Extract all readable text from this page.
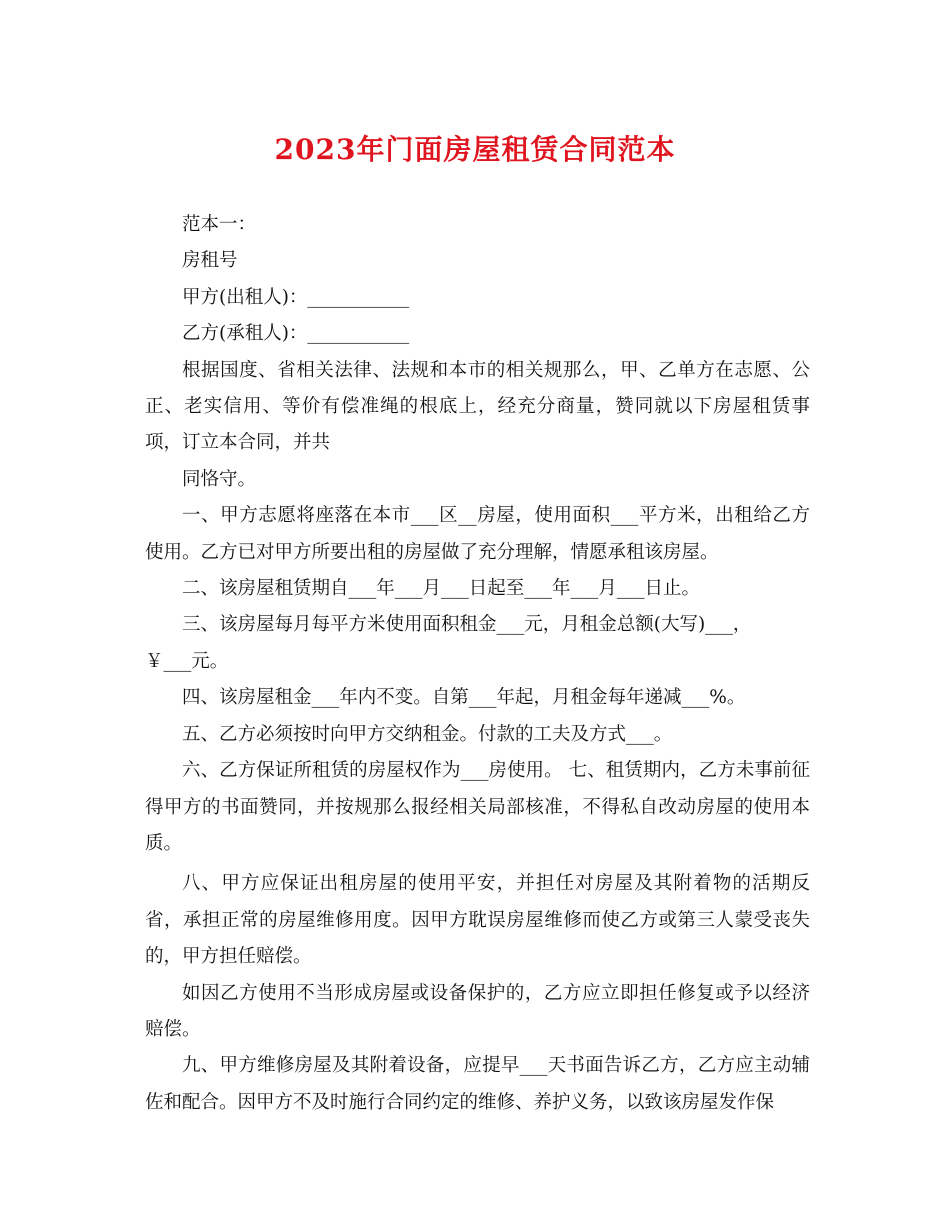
2023年门面房屋租赁合同范本

范本一：

房租号

甲方(出租人)：___________

乙方(承租人)：___________

根据国度、省相关法律、法规和本市的相关规那么，甲、乙单方在志愿、公正、老实信用、等价有偿准绳的根底上，经充分商量，赞同就以下房屋租赁事项，订立本合同，并共

同恪守。

一、甲方志愿将座落在本市___区__房屋，使用面积___平方米，出租给乙方使用。乙方已对甲方所要出租的房屋做了充分理解，情愿承租该房屋。

二、该房屋租赁期自___年___月___日起至___年___月___日止。

三、该房屋每月每平方米使用面积租金___元，月租金总额(大写)___，

￥___元。

四、该房屋租金___年内不变。自第___年起，月租金每年递减___%。

五、乙方必须按时向甲方交纳租金。付款的工夫及方式___。

六、乙方保证所租赁的房屋权作为___房使用。 七、租赁期内，乙方未事前征得甲方的书面赞同，并按规那么报经相关局部核准，不得私自改动房屋的使用本质。

八、甲方应保证出租房屋的使用平安，并担任对房屋及其附着物的活期反省，承担正常的房屋维修用度。因甲方耽误房屋维修而使乙方或第三人蒙受丧失的，甲方担任赔偿。

如因乙方使用不当形成房屋或设备保护的，乙方应立即担任修复或予以经济赔偿。

九、甲方维修房屋及其附着设备，应提早___天书面告诉乙方，乙方应主动辅佐和配合。因甲方不及时施行合同约定的维修、养护义务，以致该房屋发作保
